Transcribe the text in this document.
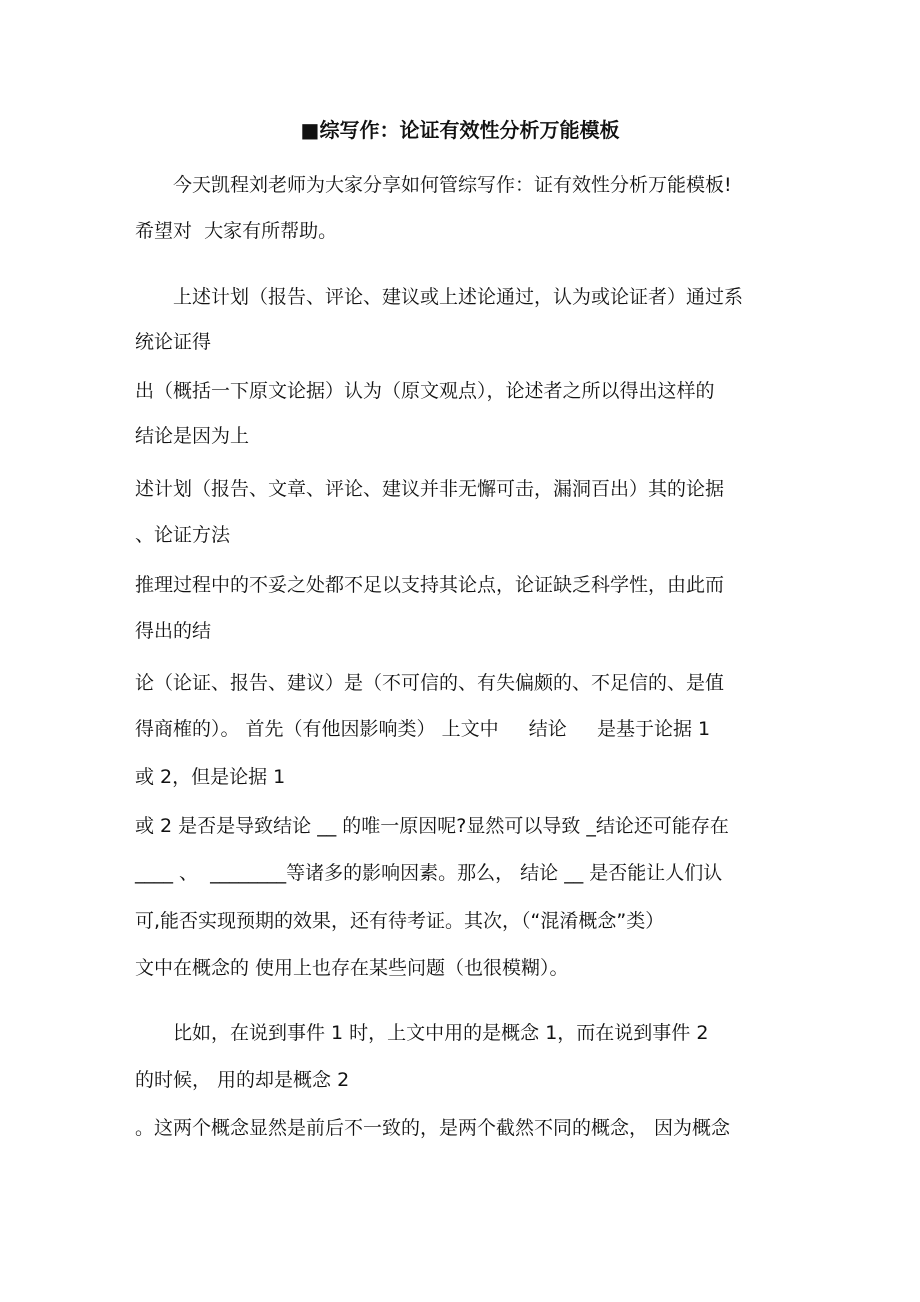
■综写作：论证有效性分析万能模板
今天凯程刘老师为大家分享如何管综写作：证有效性分析万能模板!
希望对  大家有所帮助。
上述计划（报告、评论、建议或上述论通过，认为或论证者）通过系
统论证得
出（概括一下原文论据）认为（原文观点），论述者之所以得出这样的
结论是因为上
述计划（报告、文章、评论、建议并非无懈可击，漏洞百出）其的论据
、论证方法
推理过程中的不妥之处都不足以支持其论点，论证缺乏科学性，由此而
得出的结
论（论证、报告、建议）是（不可信的、有失偏颇的、不足信的、是值
得商榷的）。 首先（有他因影响类） 上文中     结论     是基于论据 1
或 2，但是论据 1
或 2 是否是导致结论 __ 的唯一原因呢?显然可以导致 _结论还可能存在
____ 、  ________等诸多的影响因素。那么， 结论 __ 是否能让人们认
可,能否实现预期的效果，还有待考证。其次，（“混淆概念”类）
文中在概念的 使用上也存在某些问题（也很模糊）。
比如，在说到事件 1 时，上文中用的是概念 1，而在说到事件 2
的时候， 用的却是概念 2
。这两个概念显然是前后不一致的，是两个截然不同的概念， 因为概念
